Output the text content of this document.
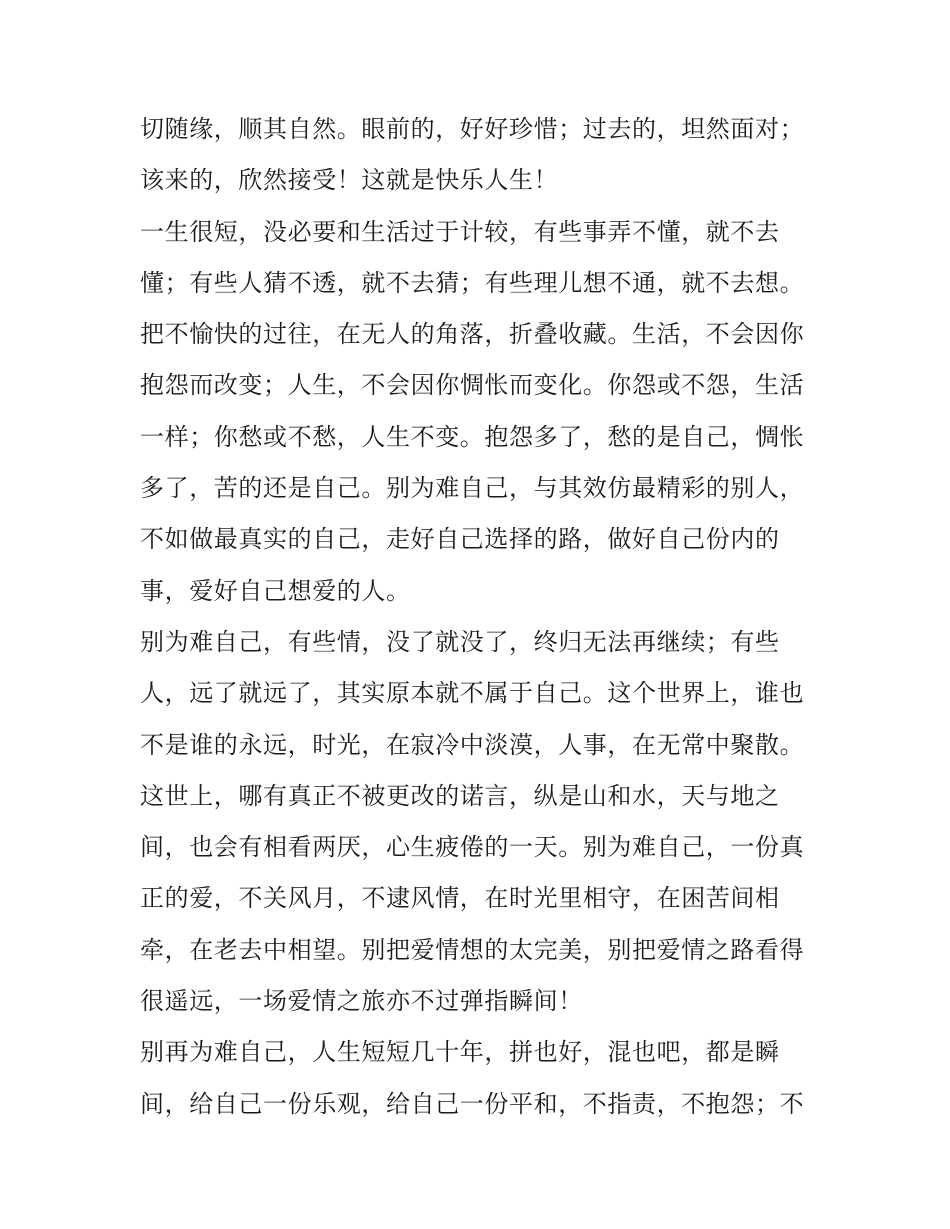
切随缘，顺其自然。眼前的，好好珍惜；过去的，坦然面对；
该来的，欣然接受！这就是快乐人生！
一生很短，没必要和生活过于计较，有些事弄不懂，就不去
懂；有些人猜不透，就不去猜；有些理儿想不通，就不去想。
把不愉快的过往，在无人的角落，折叠收藏。生活，不会因你
抱怨而改变；人生，不会因你惆怅而变化。你怨或不怨，生活
一样；你愁或不愁，人生不变。抱怨多了，愁的是自己，惆怅
多了，苦的还是自己。别为难自己，与其效仿最精彩的别人，
不如做最真实的自己，走好自己选择的路，做好自己份内的
事，爱好自己想爱的人。
别为难自己，有些情，没了就没了，终归无法再继续；有些
人，远了就远了，其实原本就不属于自己。这个世界上，谁也
不是谁的永远，时光，在寂冷中淡漠，人事，在无常中聚散。
这世上，哪有真正不被更改的诺言，纵是山和水，天与地之
间，也会有相看两厌，心生疲倦的一天。别为难自己，一份真
正的爱，不关风月，不逮风情，在时光里相守，在困苦间相
牵，在老去中相望。别把爱情想的太完美，别把爱情之路看得
很遥远，一场爱情之旅亦不过弹指瞬间！
别再为难自己，人生短短几十年，拼也好，混也吧，都是瞬
间，给自己一份乐观，给自己一份平和，不指责，不抱怨；不
